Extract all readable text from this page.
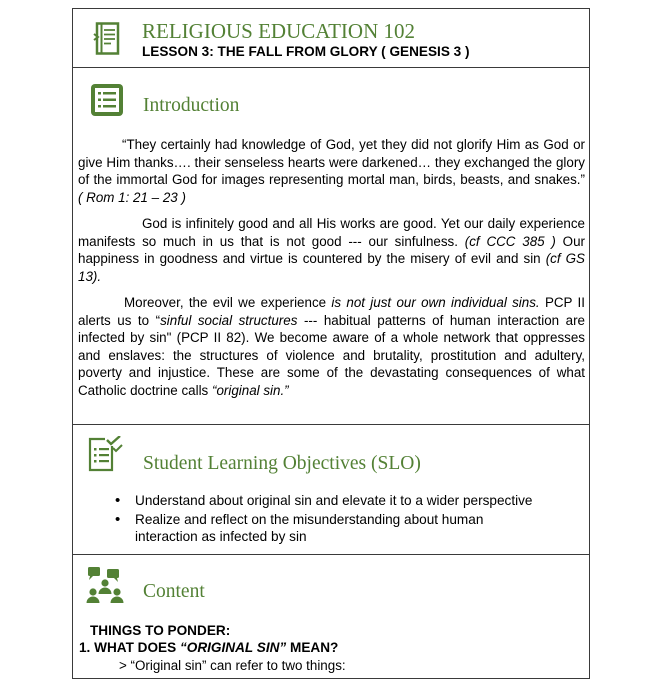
RELIGIOUS EDUCATION 102
LESSON 3: THE FALL FROM GLORY ( GENESIS 3 )
Introduction

“They certainly had knowledge of God, yet they did not glorify Him as God or give Him thanks…. their senseless hearts were darkened… they exchanged the glory of the immortal God for images representing mortal man, birds, beasts, and snakes.” ( Rom 1: 21 – 23 )

God is infinitely good and all His works are good. Yet our daily experience manifests so much in us that is not good --- our sinfulness. (cf CCC 385 ) Our happiness in goodness and virtue is countered by the misery of evil and sin (cf GS 13).

Moreover, the evil we experience is not just our own individual sins. PCP II alerts us to “sinful social structures --- habitual patterns of human interaction are infected by sin" (PCP II 82). We become aware of a whole network that oppresses and enslaves: the structures of violence and brutality, prostitution and adultery, poverty and injustice. These are some of the devastating consequences of what Catholic doctrine calls “original sin.”

Student Learning Objectives (SLO)
• Understand about original sin and elevate it to a wider perspective
• Realize and reflect on the misunderstanding about human interaction as infected by sin
Content
THINGS TO PONDER:
1. WHAT DOES “ORIGINAL SIN” MEAN?
> “Original sin” can refer to two things:
